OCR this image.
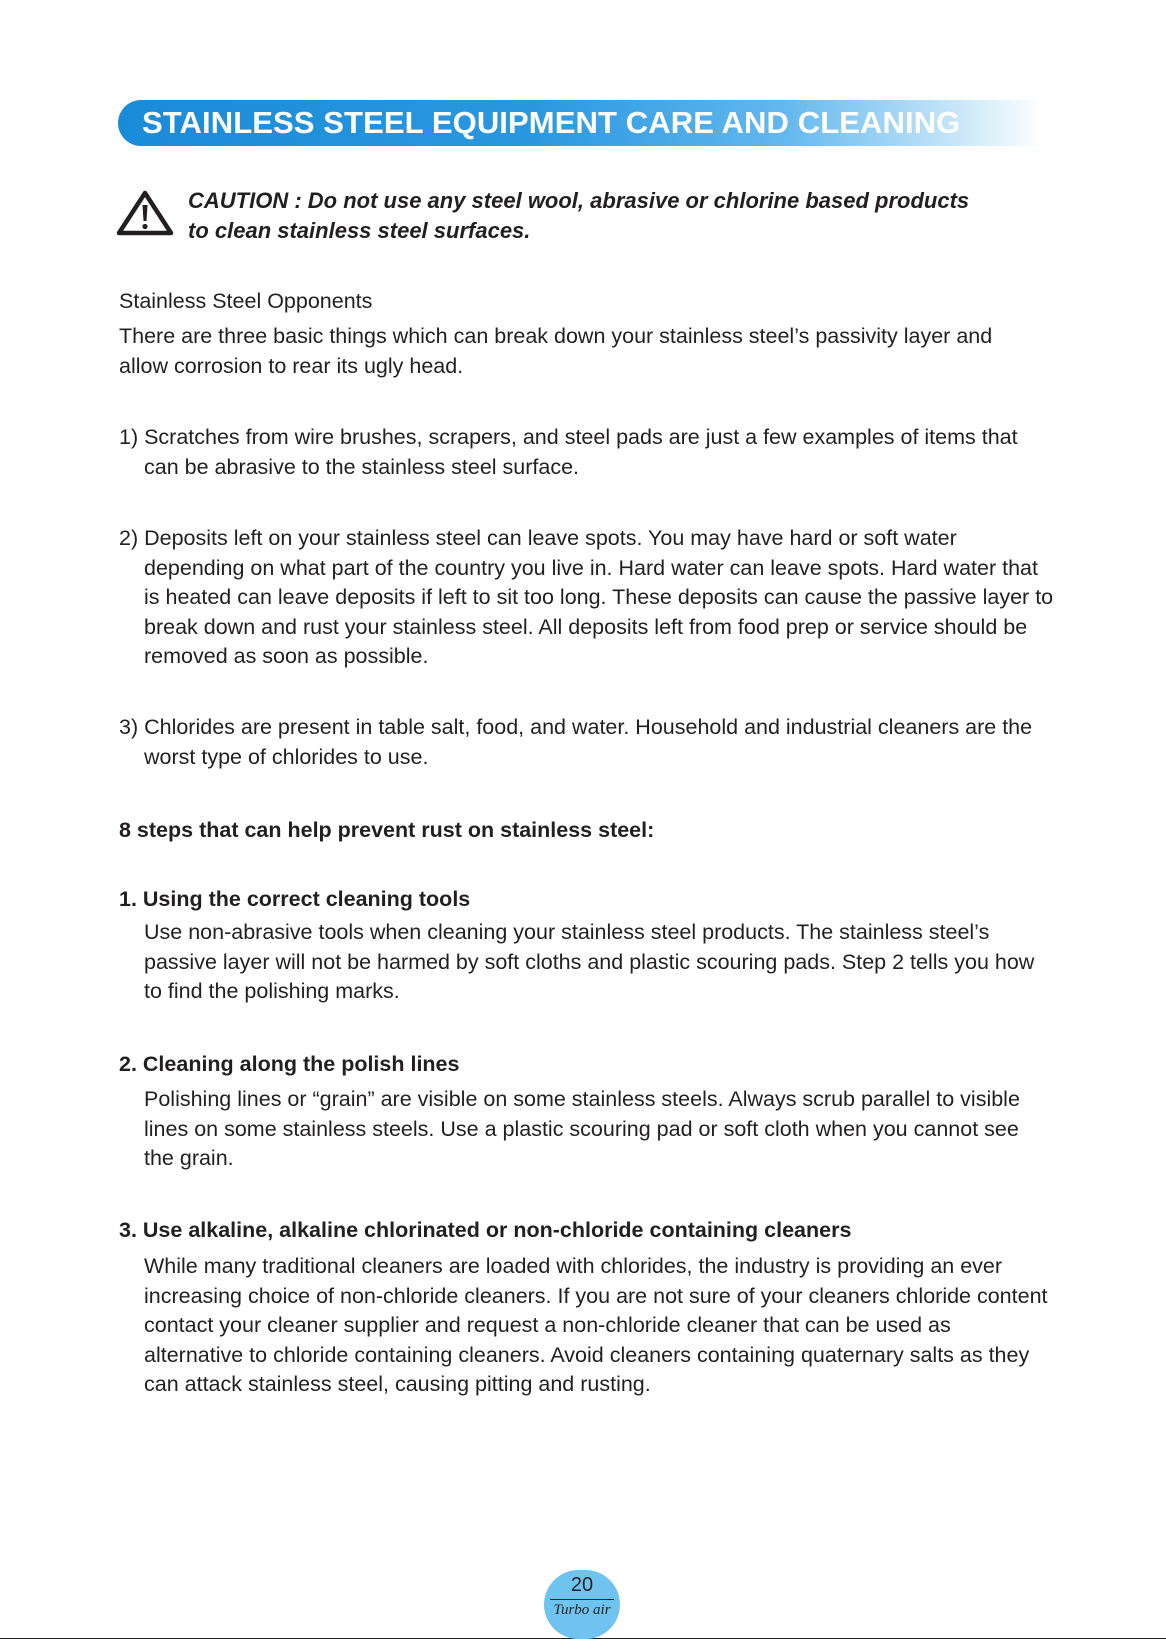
STAINLESS STEEL EQUIPMENT CARE AND CLEANING
CAUTION : Do not use any steel wool, abrasive or chlorine based products
to clean stainless steel surfaces.
Stainless Steel Opponents
There are three basic things which can break down your stainless steel’s passivity layer and allow corrosion to rear its ugly head.
1) Scratches from wire brushes, scrapers, and steel pads are just a few examples of items that can be abrasive to the stainless steel surface.
2) Deposits left on your stainless steel can leave spots. You may have hard or soft water depending on what part of the country you live in. Hard water can leave spots. Hard water that is heated can leave deposits if left to sit too long. These deposits can cause the passive layer to break down and rust your stainless steel. All deposits left from food prep or service should be removed as soon as possible.
3) Chlorides are present in table salt, food, and water. Household and industrial cleaners are the worst type of chlorides to use.
8 steps that can help prevent rust on stainless steel:
1. Using the correct cleaning tools
Use non-abrasive tools when cleaning your stainless steel products. The stainless steel’s passive layer will not be harmed by soft cloths and plastic scouring pads. Step 2 tells you how to find the polishing marks.
2. Cleaning along the polish lines
Polishing lines or “grain” are visible on some stainless steels. Always scrub parallel to visible lines on some stainless steels. Use a plastic scouring pad or soft cloth when you cannot see the grain.
3. Use alkaline, alkaline chlorinated or non-chloride containing cleaners
While many traditional cleaners are loaded with chlorides, the industry is providing an ever increasing choice of non-chloride cleaners. If you are not sure of your cleaners chloride content contact your cleaner supplier and request a non-chloride cleaner that can be used as alternative to chloride containing cleaners. Avoid cleaners containing quaternary salts as they can attack stainless steel, causing pitting and rusting.
20
Turbo air
